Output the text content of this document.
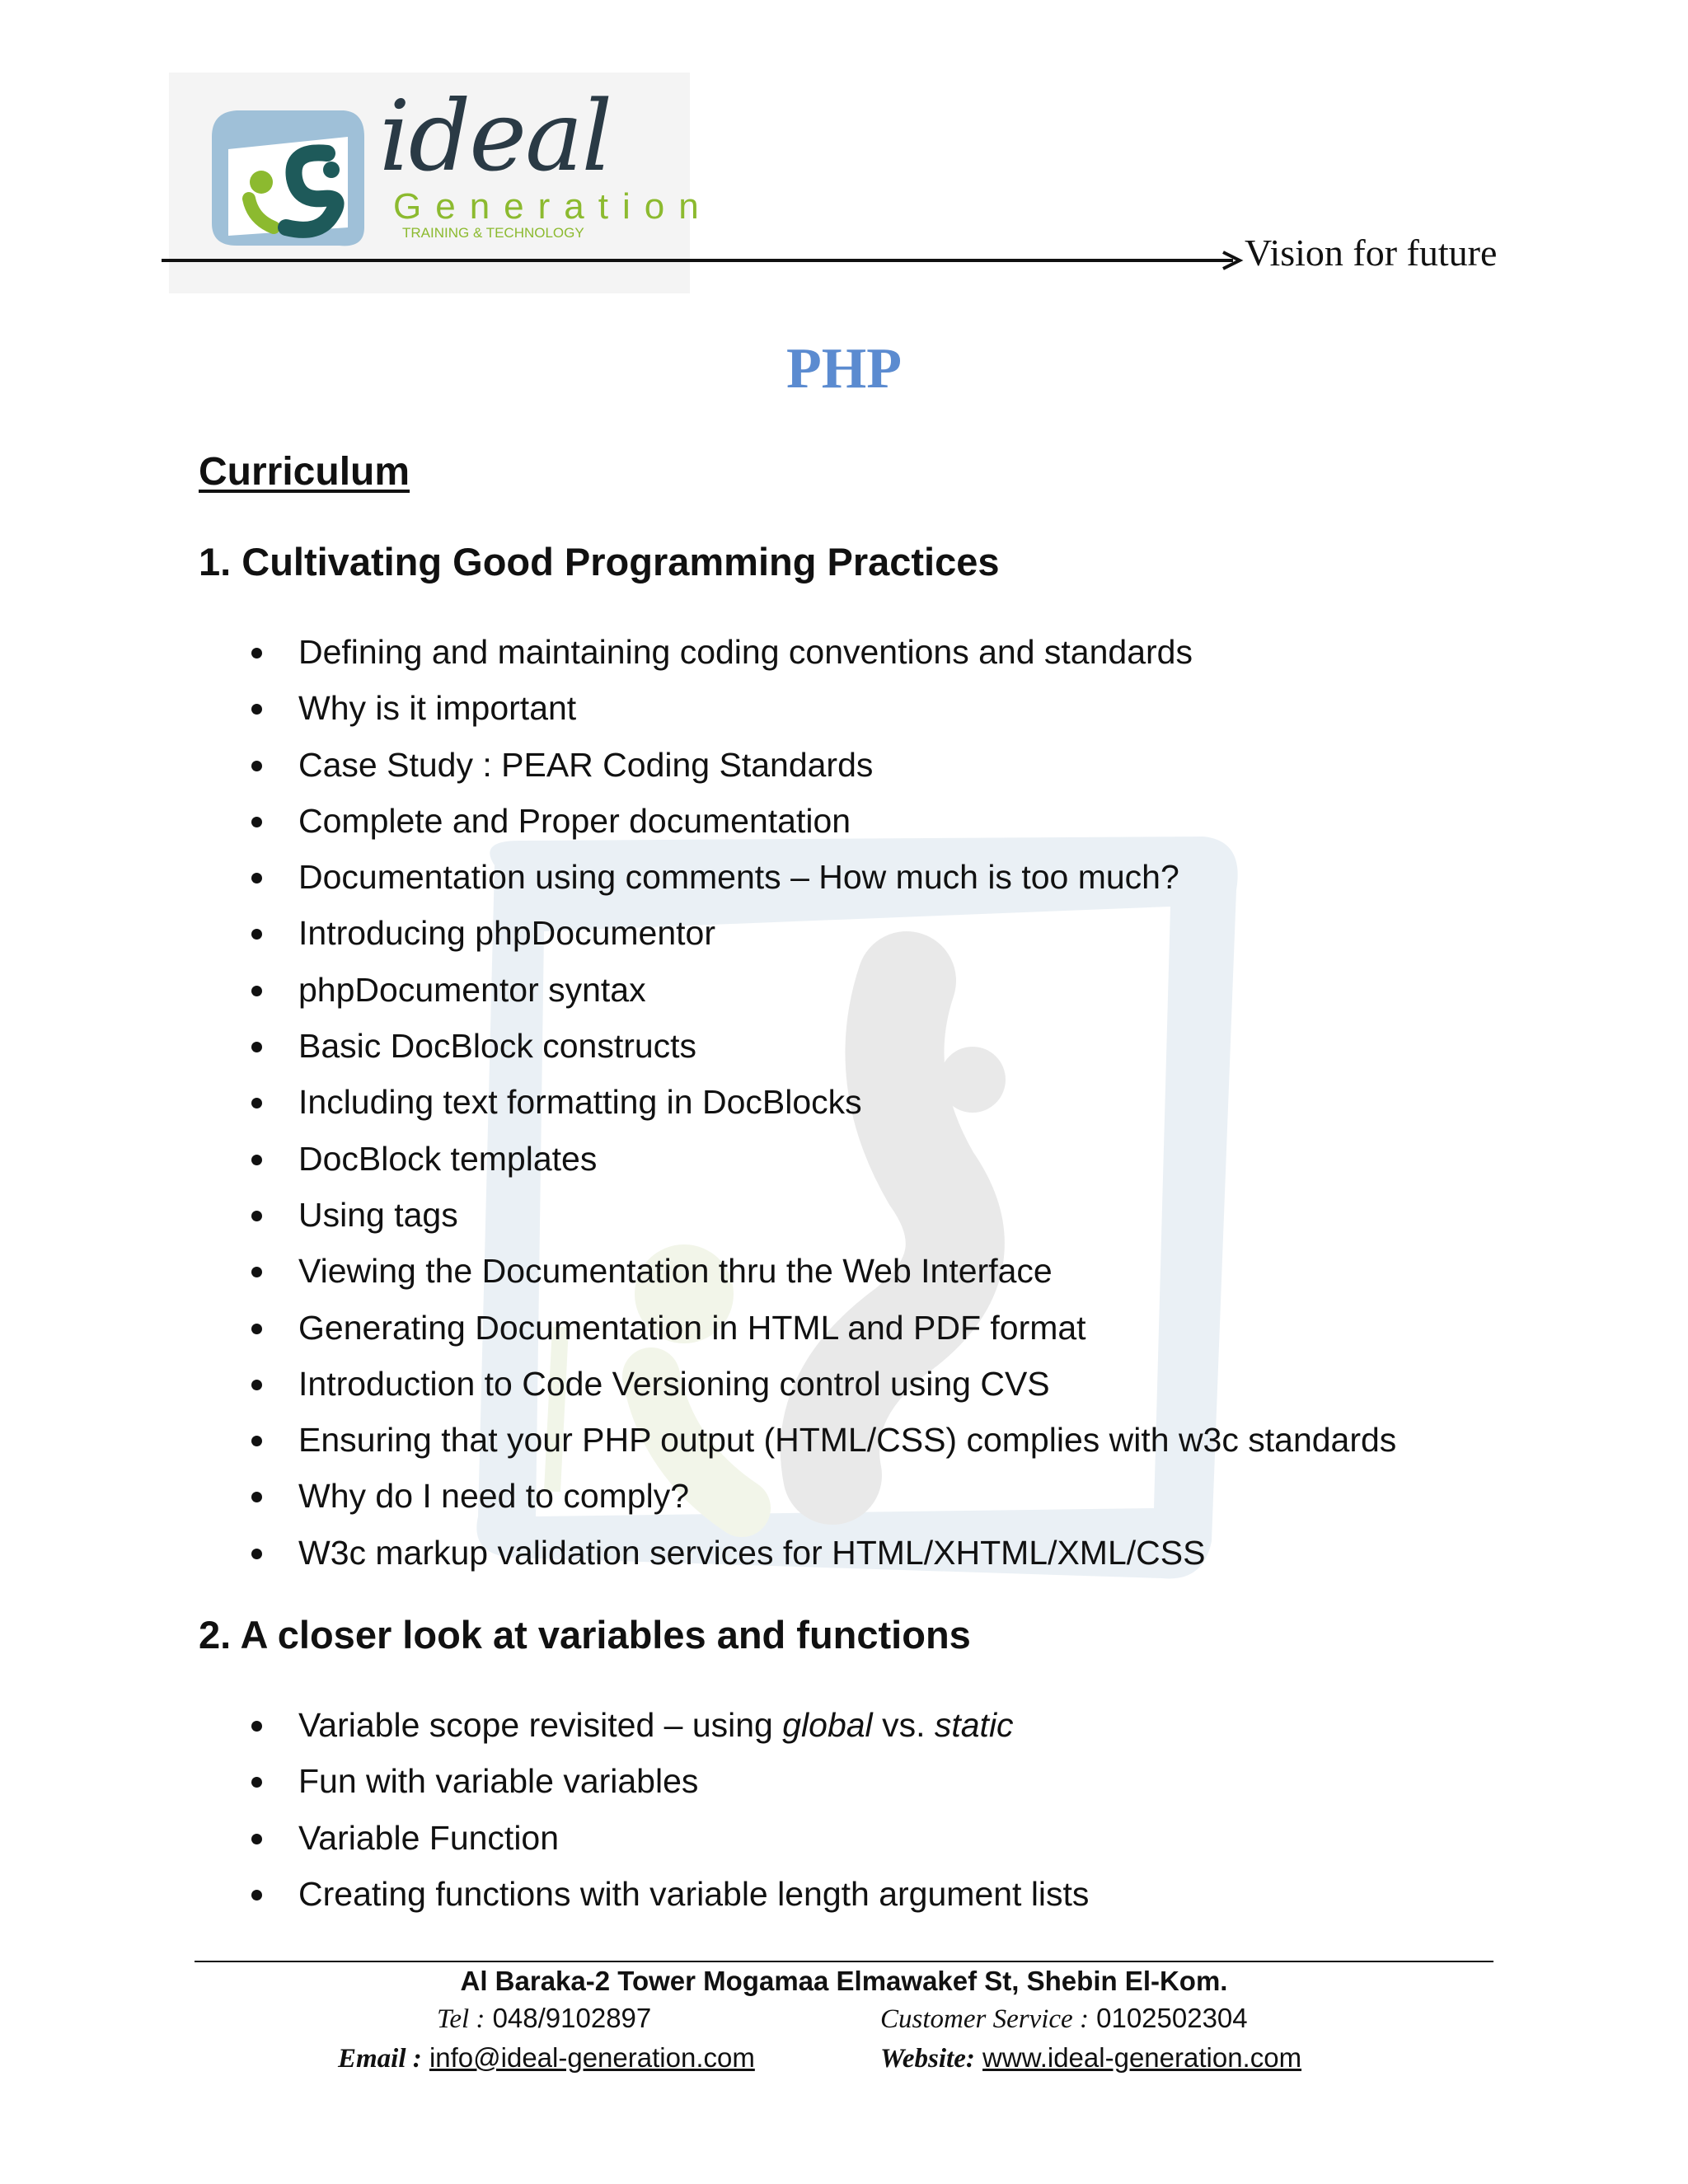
ideal
Generation
TRAINING & TECHNOLOGY	Vision for future
PHP
Curriculum
1. Cultivating Good Programming Practices
Defining and maintaining coding conventions and standards
Why is it important
Case Study : PEAR Coding Standards
Complete and Proper documentation
Documentation using comments – How much is too much?
Introducing phpDocumentor
phpDocumentor syntax
Basic DocBlock constructs
Including text formatting in DocBlocks
DocBlock templates
Using tags
Viewing the Documentation thru the Web Interface
Generating Documentation in HTML and PDF format
Introduction to Code Versioning control using CVS
Ensuring that your PHP output (HTML/CSS) complies with w3c standards
Why do I need to comply?
W3c markup validation services for HTML/XHTML/XML/CSS
2. A closer look at variables and functions
Variable scope revisited – using global vs. static
Fun with variable variables
Variable Function
Creating functions with variable length argument lists
Al Baraka-2 Tower Mogamaa Elmawakef St, Shebin El-Kom.
Tel : 048/9102897	Customer Service : 0102502304
Email : info@ideal-generation.com	Website: www.ideal-generation.com
